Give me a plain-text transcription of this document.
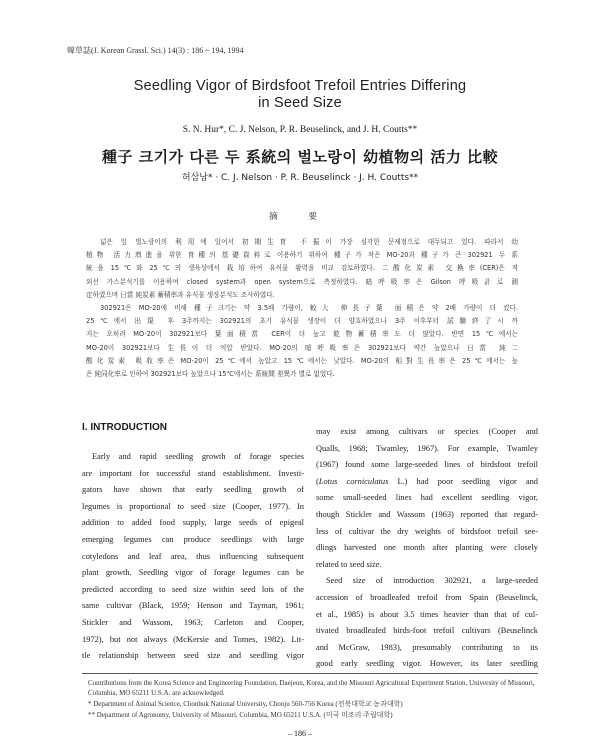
韓草誌(J. Korean Grassl. Sci.) 14(3) : 186 ~ 194, 1994
Seedling Vigor of Birdsfoot Trefoil Entries Differing
in Seed Size
S. N. Hur*, C. J. Nelson, P. R. Beuselinck, and J. H. Coutts**
種子 크기가 다른 두 系統의 벌노랑이 幼植物의 活力 比較
허삼남* · C. J. Nelson · P. R. Beuselinck · J. H. Coutts**
摘 要
넓은 잎 벌노랑이의 利用에 있어서 初期生育 不振이 가장 심각한 문제점으로 대두되고 있다. 따라서 幼
植物 活力增進을 위한 育種의 基礎資料로 이용하기 위하여 種子가 작은 MO-20과 種子가 큰 302921 두 系
統을 15℃와 25℃의 생육상에서 栽培하여 유식물 활력을 비교 검토하였다. 二酸化炭素 交換率(CER)은 적
외선 가스분석기를 이용하여 closed system과 open system으로 측정하였다. 暗呼吸率은 Gilson 呼吸計로 測
定하였으며 日當 純炭素 蓄積率과 유식물 생장분석도 조사하였다.
302921은 MO-20에 비해 種子크기는 약 3.5배 가량이, 較大 伸長子葉 面積은 약 2배 가량이 더 컸다.
25℃에서 出現 후 3주까지는 302921의 초기 유식물 생장이 더 양호하였으나 3주 이후부터 試驗終了시 까
지는 오히려 MO-20이 302921보다 葉面積當 CER이 더 높고 乾物蓄積率도 더 많았다. 반면 15℃에서는
MO-20이 302921보다 生長이 더 억압 받았다. MO-20의 暗呼吸率은 302921보다 약간 높았으나 日當 純二
酸化炭素 吸收率은 MO-20이 25℃에서 높았고 15℃에서는 낮았다. MO-20의 相對生長率은 25℃에서는 높
은 純同化率로 인하여 302921보다 높았으나 15℃에서는 系統間 差異가 별로 없었다.
I. INTRODUCTION
Early and rapid seedling growth of forage species
are important for successful stand establishment. Investi-
gators have shown that early seedling growth of
legumes is proportional to seed size (Cooper, 1977). In
addition to added food supply, large seeds of epigeal
emerging legumes can produce seedlings with large
cotyledons and leaf area, thus influencing subsequent
plant growth. Seedling vigor of forage legumes can be
predicted according to seed size within seed lots of the
same cultivar (Black, 1959; Henson and Tayman, 1961;
Stickler and Wassom, 1963; Carleton and Cooper,
1972), but not always (McKersie and Tomes, 1982). Lit-
tle relationship between seed size and seedling vigor
may exist among cultivars or species (Cooper and
Qualls, 1968; Twamley, 1967). For example, Twamley
(1967) found some large-seeded lines of birdsfoot trefoil
(Lotus corniculatus L.) had poor seedling vigor and
some small-seeded lines had excellent seedling vigor,
though Stickler and Wassom (1963) reported that regard-
less of cultivar the dry weights of birdsfoot trefoil see-
dlings harvested one month after planting were closely
related to seed size.
Seed size of introduction 302921, a large-seeded
accession of broadleafed trefoil from Spain (Beuselinck,
et al., 1985) is about 3.5 times heavier than that of cul-
tivated broadleafed birds-foot trefoil cultivars (Beuselinck
and McGraw, 1983), presumably contributing to its
good early seedling vigor. However, its later seedling
Contributions from the Korea Science and Engineering Foundation, Daejeon, Korea, and the Missouri Agricultural Experiment Station, University of Missouri, Columbia, MO 65211 U.S.A. are acknowledged.
* Department of Animal Science, Chonbuk National University, Chonju 560-756 Korea (전북대학교 농과대학)
** Department of Agronomy, University of Missouri, Columbia, MO 65211 U.S.A. (미국 미조리 주립대학)
– 186 –
